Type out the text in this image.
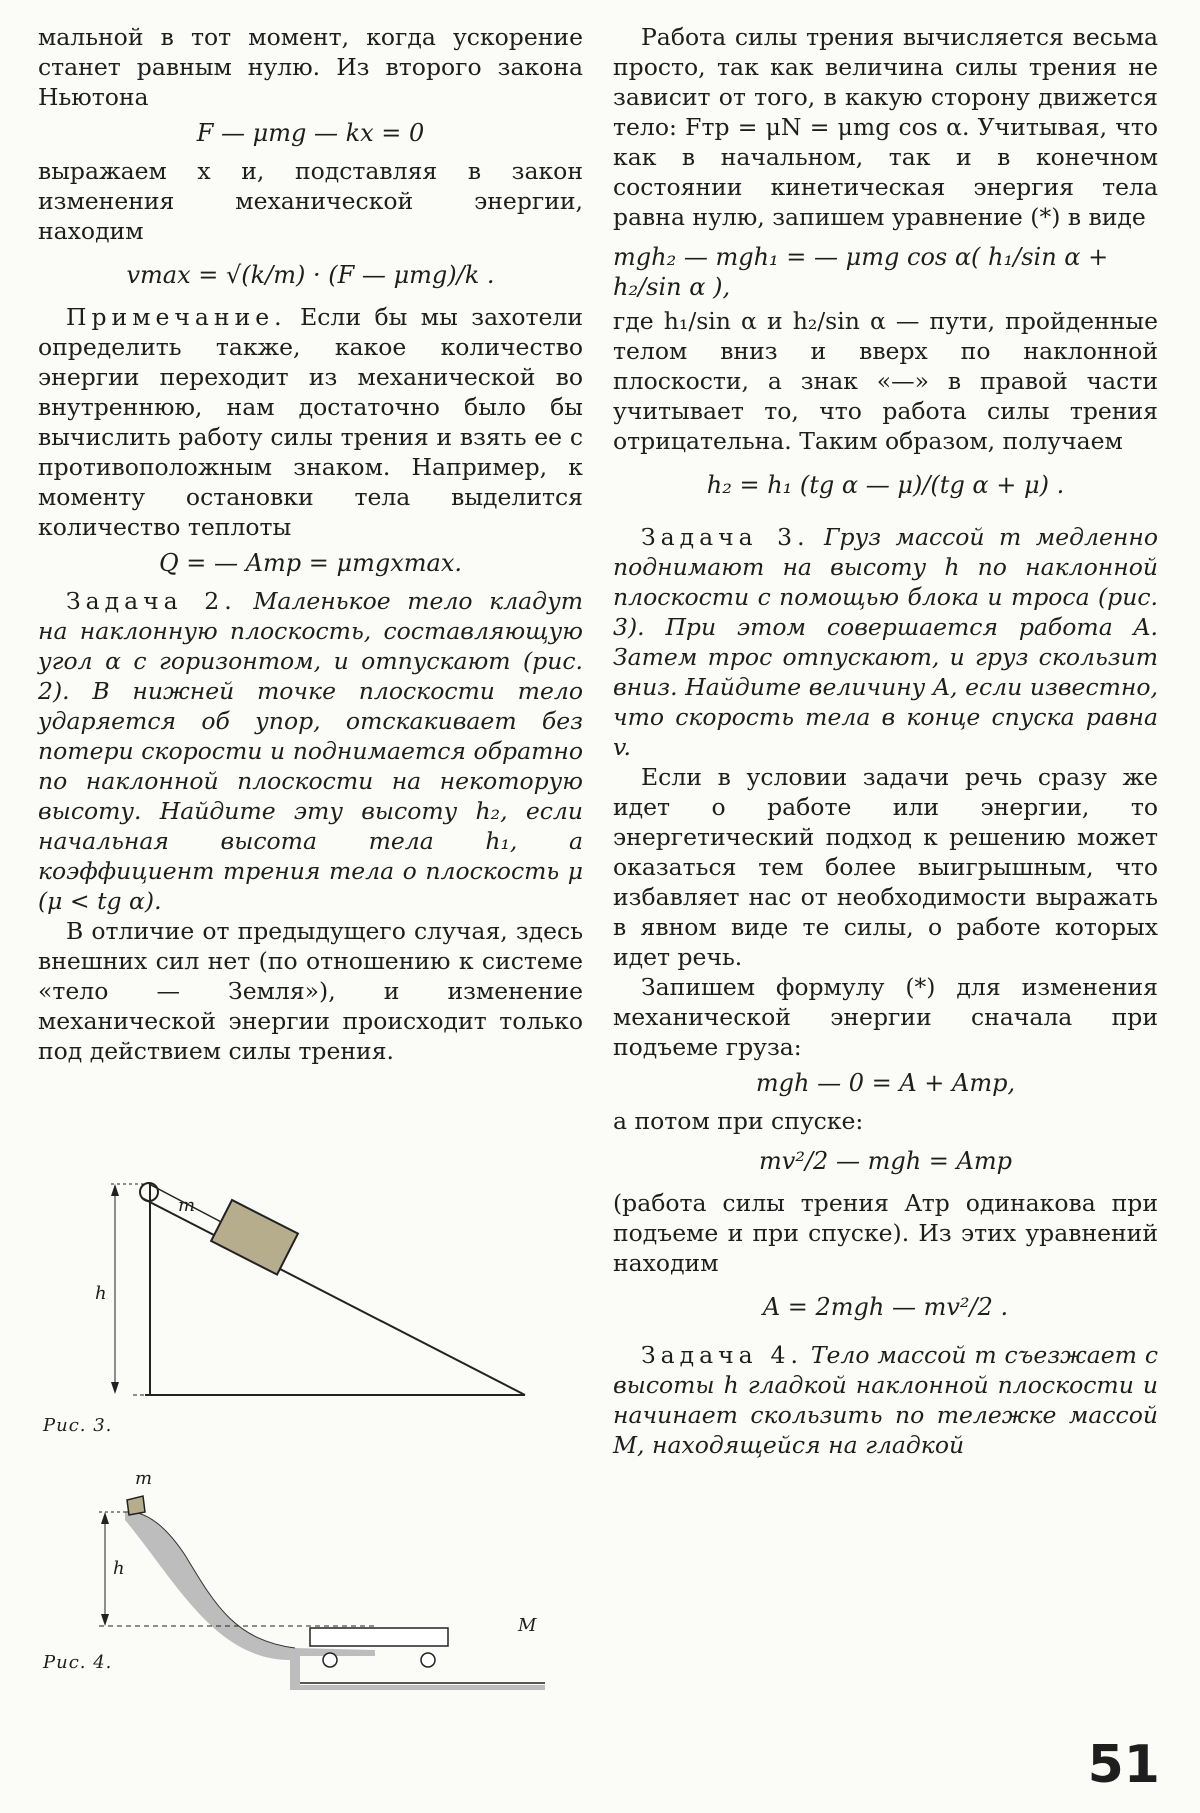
мальной в тот момент, когда ускорение станет равным нулю. Из второго закона Ньютона

F — μmg — kx = 0

выражаем x и, подставляя в закон изменения механической энергии, находим

vmax = √(k/m) · (F — μmg)/k .

Примечание. Если бы мы захотели определить также, какое количество энергии переходит из механической во внутреннюю, нам достаточно было бы вычислить работу силы трения и взять ее с противоположным знаком. Например, к моменту остановки тела выделится количество теплоты

Q = — Aтр = μmgxmax.

Задача 2. Маленькое тело кладут на наклонную плоскость, составляющую угол α с горизонтом, и отпускают (рис. 2). В нижней точке плоскости тело ударяется об упор, отскакивает без потери скорости и поднимается обратно по наклонной плоскости на некоторую высоту. Найдите эту высоту h₂, если начальная высота тела h₁, а коэффициент трения тела о плоскость μ (μ < tg α).

В отличие от предыдущего случая, здесь внешних сил нет (по отношению к системе «тело — Земля»), и изменение механической энергии происходит только под действием силы трения.

m
h
Рис. 3.
m
h
M
Рис. 4.

Работа силы трения вычисляется весьма просто, так как величина силы трения не зависит от того, в какую сторону движется тело: Fтр = μN = μmg cos α. Учитывая, что как в начальном, так и в конечном состоянии кинетическая энергия тела равна нулю, запишем уравнение (*) в виде

mgh₂ — mgh₁ = — μmg cos α( h₁/sin α + h₂/sin α ),

где h₁/sin α и h₂/sin α — пути, пройденные телом вниз и вверх по наклонной плоскости, а знак «—» в правой части учитывает то, что работа силы трения отрицательна. Таким образом, получаем

h₂ = h₁ (tg α — μ)/(tg α + μ) .

Задача 3. Груз массой m медленно поднимают на высоту h по наклонной плоскости с помощью блока и троса (рис. 3). При этом совершается работа A. Затем трос отпускают, и груз скользит вниз. Найдите величину A, если известно, что скорость тела в конце спуска равна v.

Если в условии задачи речь сразу же идет о работе или энергии, то энергетический подход к решению может оказаться тем более выигрышным, что избавляет нас от необходимости выражать в явном виде те силы, о работе которых идет речь.

Запишем формулу (*) для изменения механической энергии сначала при подъеме груза:

mgh — 0 = A + Aтр,

а потом при спуске:

mv²/2 — mgh = Aтр

(работа силы трения Aтр одинакова при подъеме и при спуске). Из этих уравнений находим

A = 2mgh — mv²/2 .

Задача 4. Тело массой m съезжает с высоты h гладкой наклонной плоскости и начинает скользить по тележке массой M, находящейся на гладкой

51
